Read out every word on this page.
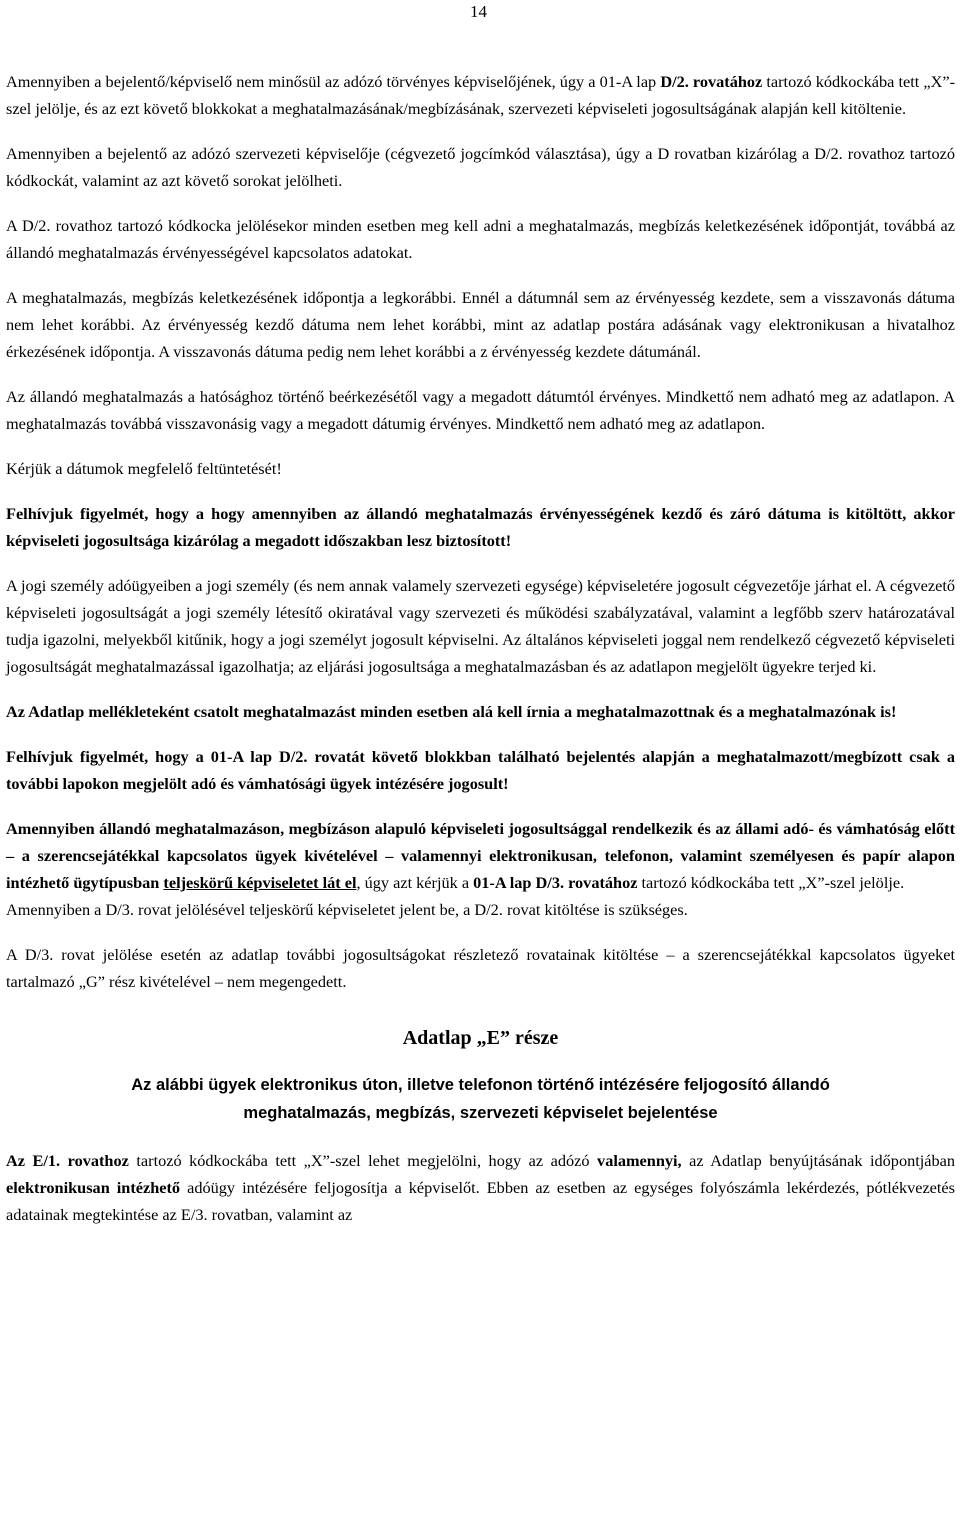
14

Amennyiben a bejelentő/képviselő nem minősül az adózó törvényes képviselőjének, úgy a 01-A lap D/2. rovatához tartozó kódkockába tett „X”-szel jelölje, és az ezt követő blokkokat a meghatalmazásának/megbízásának, szervezeti képviseleti jogosultságának alapján kell kitöltenie.

Amennyiben a bejelentő az adózó szervezeti képviselője (cégvezető jogcímkód választása), úgy a D rovatban kizárólag a D/2. rovathoz tartozó kódkockát, valamint az azt követő sorokat jelölheti.

A D/2. rovathoz tartozó kódkocka jelölésekor minden esetben meg kell adni a meghatalmazás, megbízás keletkezésének időpontját, továbbá az állandó meghatalmazás érvényességével kapcsolatos adatokat.

A meghatalmazás, megbízás keletkezésének időpontja a legkorábbi. Ennél a dátumnál sem az érvényesség kezdete, sem a visszavonás dátuma nem lehet korábbi. Az érvényesség kezdő dátuma nem lehet korábbi, mint az adatlap postára adásának vagy elektronikusan a hivatalhoz érkezésének időpontja. A visszavonás dátuma pedig nem lehet korábbi a z érvényesség kezdete dátumánál.

Az állandó meghatalmazás a hatósághoz történő beérkezésétől vagy a megadott dátumtól érvényes. Mindkettő nem adható meg az adatlapon. A meghatalmazás továbbá visszavonásig vagy a megadott dátumig érvényes. Mindkettő nem adható meg az adatlapon.

Kérjük a dátumok megfelelő feltüntetését!

Felhívjuk figyelmét, hogy a hogy amennyiben az állandó meghatalmazás érvényességének kezdő és záró dátuma is kitöltött, akkor képviseleti jogosultsága kizárólag a megadott időszakban lesz biztosított!

A jogi személy adóügyeiben a jogi személy (és nem annak valamely szervezeti egysége) képviseletére jogosult cégvezetője járhat el. A cégvezető képviseleti jogosultságát a jogi személy létesítő okiratával vagy szervezeti és működési szabályzatával, valamint a legfőbb szerv határozatával tudja igazolni, melyekből kitűnik, hogy a jogi személyt jogosult képviselni. Az általános képviseleti joggal nem rendelkező cégvezető képviseleti jogosultságát meghatalmazással igazolhatja; az eljárási jogosultsága a meghatalmazásban és az adatlapon megjelölt ügyekre terjed ki.

Az Adatlap mellékleteként csatolt meghatalmazást minden esetben alá kell írnia a meghatalmazottnak és a meghatalmazónak is!

Felhívjuk figyelmét, hogy a 01-A lap D/2. rovatát követő blokkban található bejelentés alapján a meghatalmazott/megbízott csak a további lapokon megjelölt adó és vámhatósági ügyek intézésére jogosult!

Amennyiben állandó meghatalmazáson, megbízáson alapuló képviseleti jogosultsággal rendelkezik és az állami adó- és vámhatóság előtt – a szerencsejátékkal kapcsolatos ügyek kivételével – valamennyi elektronikusan, telefonon, valamint személyesen és papír alapon intézhető ügytípusban teljeskörű képviseletet lát el, úgy azt kérjük a 01-A lap D/3. rovatához tartozó kódkockába tett „X”-szel jelölje.

Amennyiben a D/3. rovat jelölésével teljeskörű képviseletet jelent be, a D/2. rovat kitöltése is szükséges.

A D/3. rovat jelölése esetén az adatlap további jogosultságokat részletező rovatainak kitöltése – a szerencsejátékkal kapcsolatos ügyeket tartalmazó „G” rész kivételével – nem megengedett.

Adatlap „E” része

Az alábbi ügyek elektronikus úton, illetve telefonon történő intézésére feljogosító állandó
meghatalmazás, megbízás, szervezeti képviselet bejelentése

Az E/1. rovathoz tartozó kódkockába tett „X”-szel lehet megjelölni, hogy az adózó valamennyi, az Adatlap benyújtásának időpontjában elektronikusan intézhető adóügy intézésére feljogosítja a képviselőt. Ebben az esetben az egységes folyószámla lekérdezés, pótlékvezetés adatainak megtekintése az E/3. rovatban, valamint az
